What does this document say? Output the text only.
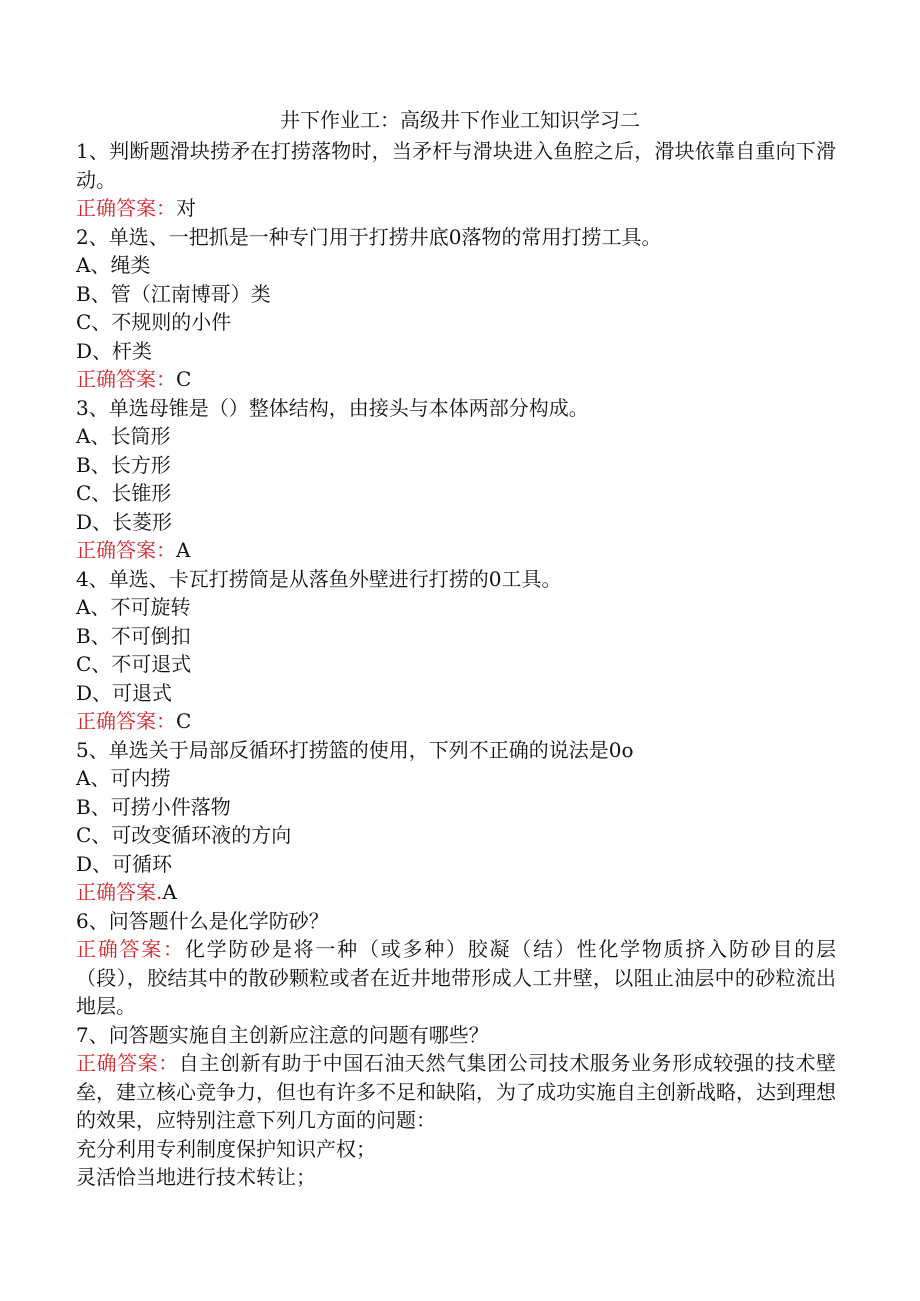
井下作业工：高级井下作业工知识学习二
1、判断题滑块捞矛在打捞落物时，当矛杆与滑块进入鱼腔之后，滑块依靠自重向下滑动。
正确答案：对
2、单选、一把抓是一种专门用于打捞井底0落物的常用打捞工具。
A、绳类
B、管（江南博哥）类
C、不规则的小件
D、杆类
正确答案：C
3、单选母锥是（）整体结构，由接头与本体两部分构成。
A、长筒形
B、长方形
C、长锥形
D、长菱形
正确答案：A
4、单选、卡瓦打捞筒是从落鱼外壁进行打捞的0工具。
A、不可旋转
B、不可倒扣
C、不可退式
D、可退式
正确答案：C
5、单选关于局部反循环打捞篮的使用，下列不正确的说法是0o
A、可内捞
B、可捞小件落物
C、可改变循环液的方向
D、可循环
正确答案.A
6、问答题什么是化学防砂？
正确答案：化学防砂是将一种（或多种）胶凝（结）性化学物质挤入防砂目的层（段），胶结其中的散砂颗粒或者在近井地带形成人工井壁，以阻止油层中的砂粒流出地层。
7、问答题实施自主创新应注意的问题有哪些？
正确答案：自主创新有助于中国石油天然气集团公司技术服务业务形成较强的技术壁垒，建立核心竞争力，但也有许多不足和缺陷，为了成功实施自主创新战略，达到理想的效果，应特别注意下列几方面的问题：
充分利用专利制度保护知识产权；
灵活恰当地进行技术转让；
